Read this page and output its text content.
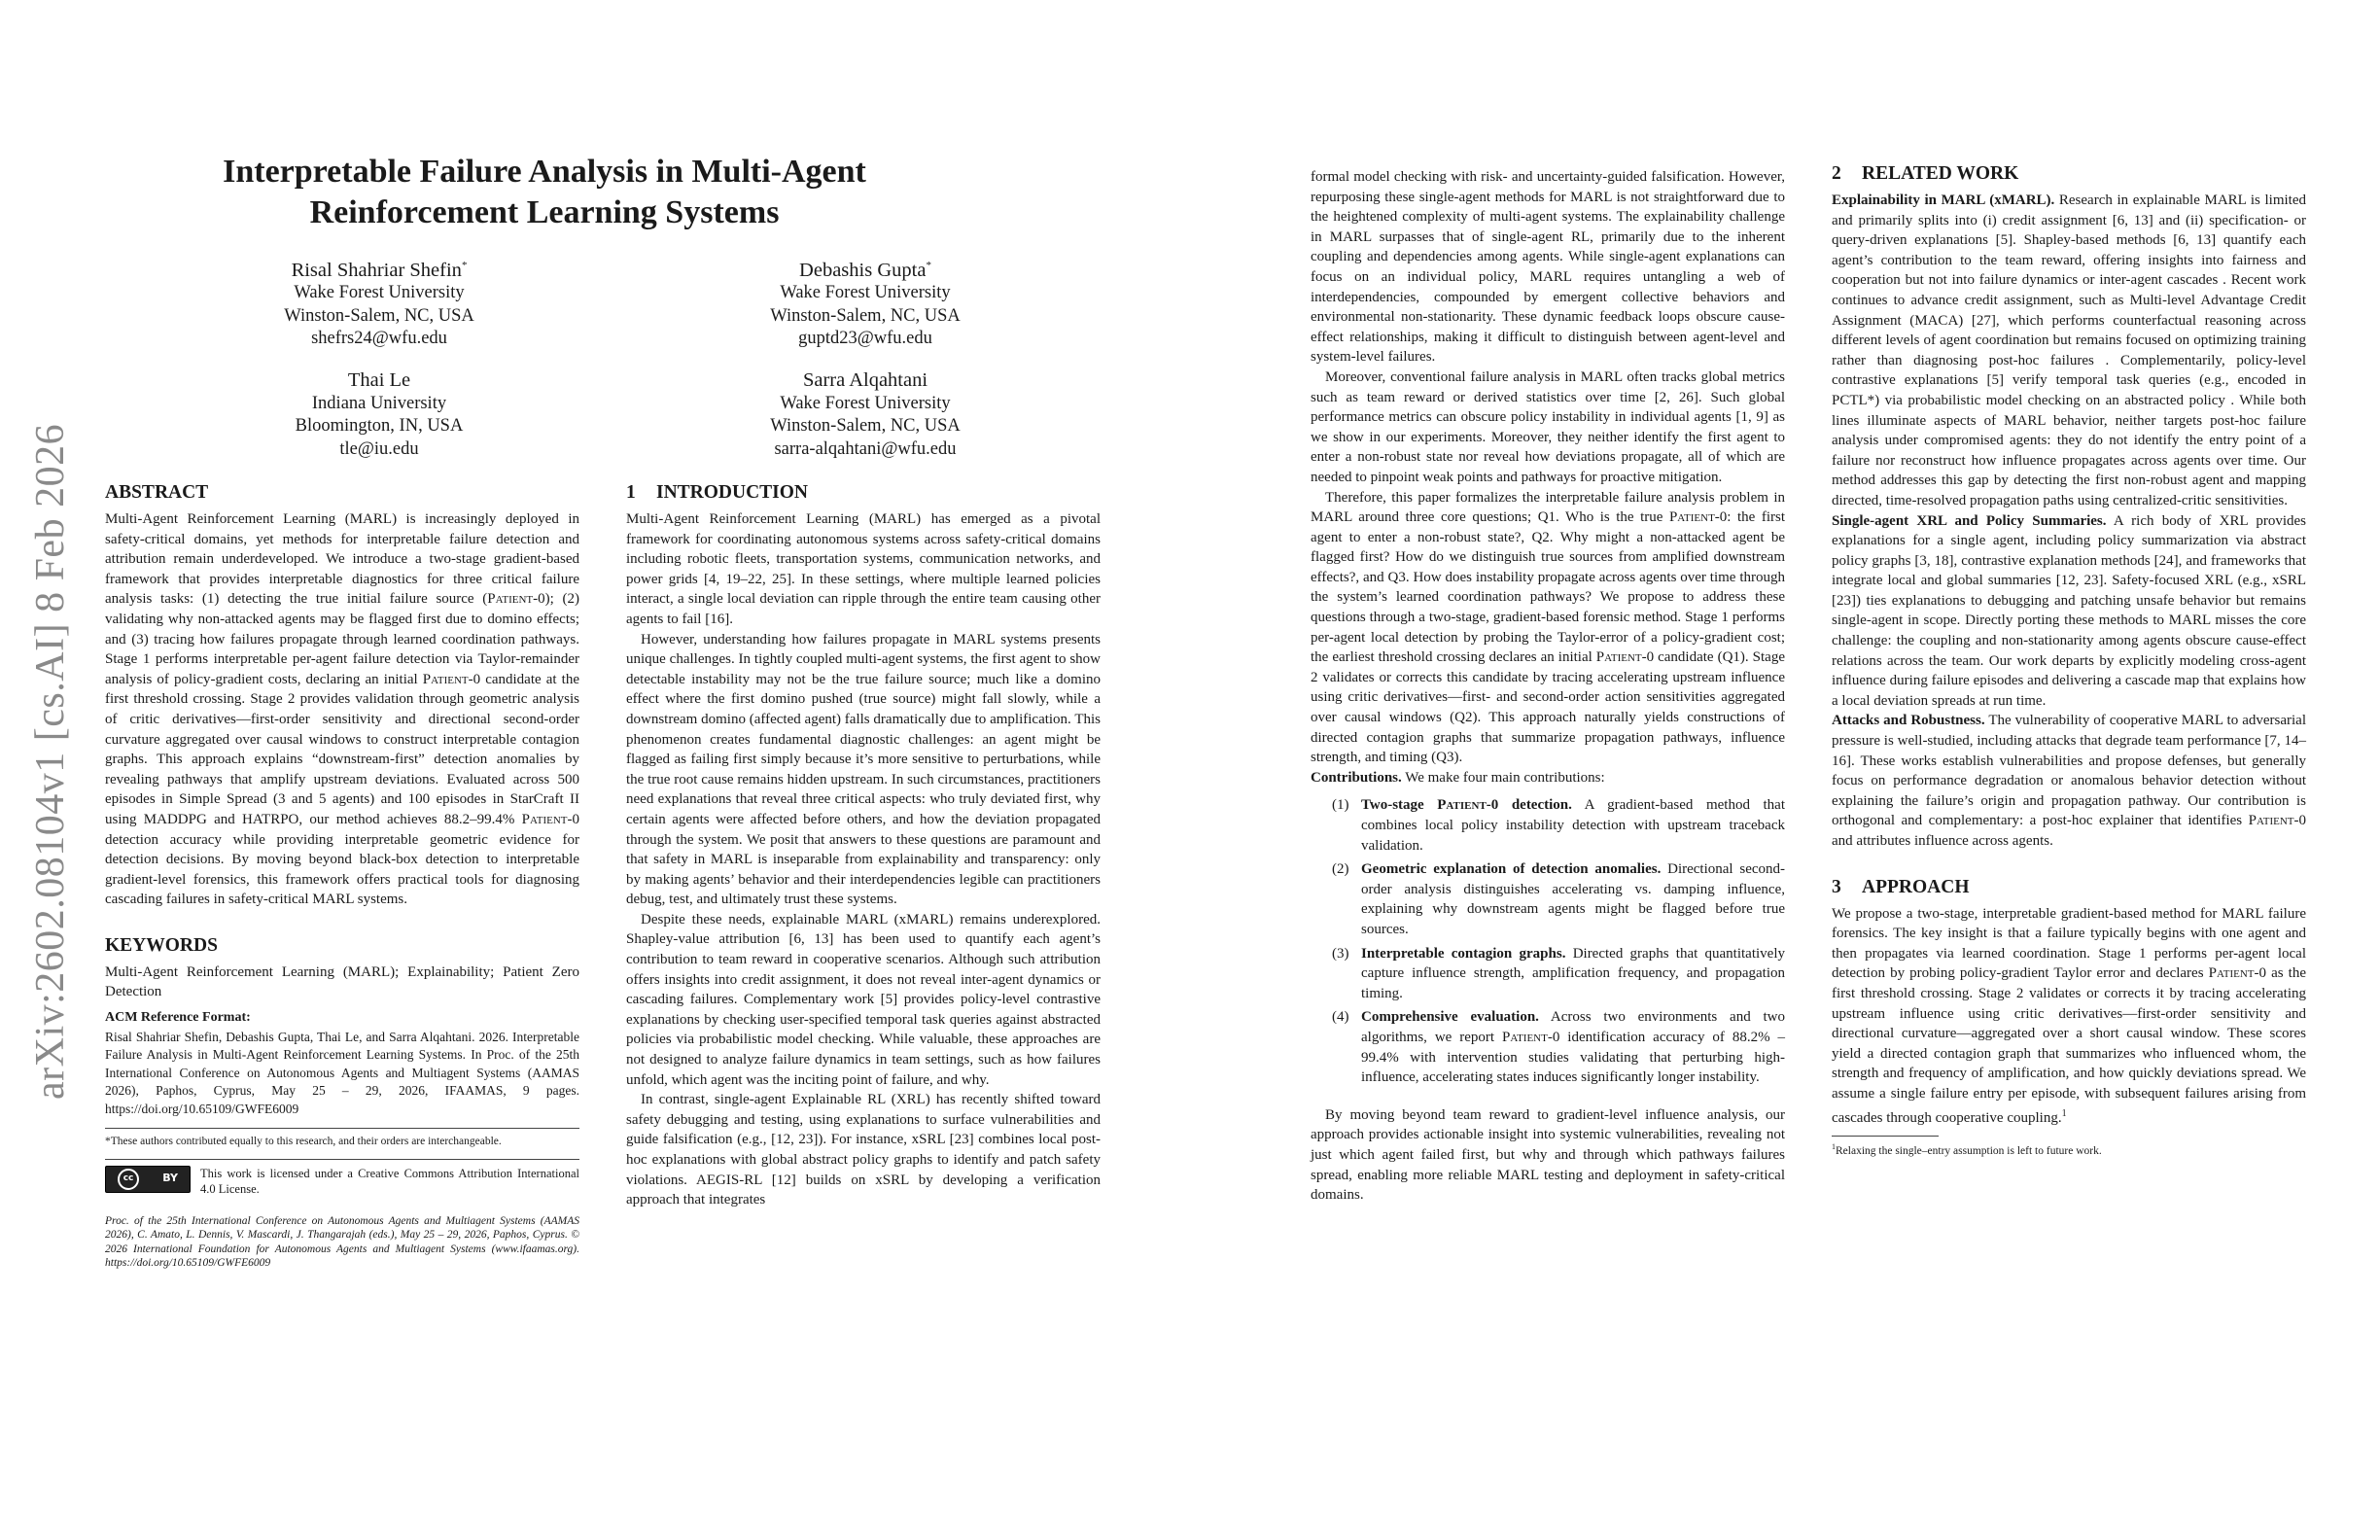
arXiv:2602.08104v1 [cs.AI] 8 Feb 2026
Interpretable Failure Analysis in Multi-Agent Reinforcement Learning Systems
Risal Shahriar Shefin*
Wake Forest University
Winston-Salem, NC, USA
shefrs24@wfu.edu
Debashis Gupta*
Wake Forest University
Winston-Salem, NC, USA
guptd23@wfu.edu
Thai Le
Indiana University
Bloomington, IN, USA
tle@iu.edu
Sarra Alqahtani
Wake Forest University
Winston-Salem, NC, USA
sarra-alqahtani@wfu.edu
ABSTRACT

Multi-Agent Reinforcement Learning (MARL) is increasingly deployed in safety-critical domains, yet methods for interpretable failure detection and attribution remain underdeveloped. We introduce a two-stage gradient-based framework that provides interpretable diagnostics for three critical failure analysis tasks: (1) detecting the true initial failure source (Patient-0); (2) validating why non-attacked agents may be flagged first due to domino effects; and (3) tracing how failures propagate through learned coordination pathways. Stage 1 performs interpretable per-agent failure detection via Taylor-remainder analysis of policy-gradient costs, declaring an initial Patient-0 candidate at the first threshold crossing. Stage 2 provides validation through geometric analysis of critic derivatives—first-order sensitivity and directional second-order curvature aggregated over causal windows to construct interpretable contagion graphs. This approach explains “downstream-first” detection anomalies by revealing pathways that amplify upstream deviations. Evaluated across 500 episodes in Simple Spread (3 and 5 agents) and 100 episodes in StarCraft II using MADDPG and HATRPO, our method achieves 88.2–99.4% Patient-0 detection accuracy while providing interpretable geometric evidence for detection decisions. By moving beyond black-box detection to interpretable gradient-level forensics, this framework offers practical tools for diagnosing cascading failures in safety-critical MARL systems.

KEYWORDS

Multi-Agent Reinforcement Learning (MARL); Explainability; Patient Zero Detection

ACM Reference Format:

Risal Shahriar Shefin, Debashis Gupta, Thai Le, and Sarra Alqahtani. 2026. Interpretable Failure Analysis in Multi-Agent Reinforcement Learning Systems. In Proc. of the 25th International Conference on Autonomous Agents and Multiagent Systems (AAMAS 2026), Paphos, Cyprus, May 25 – 29, 2026, IFAAMAS, 9 pages. https://doi.org/10.65109/GWFE6009

*These authors contributed equally to this research, and their orders are interchangeable.

cc	BY This work is licensed under a Creative Commons Attribution International 4.0 License.

Proc. of the 25th International Conference on Autonomous Agents and Multiagent Systems (AAMAS 2026), C. Amato, L. Dennis, V. Mascardi, J. Thangarajah (eds.), May 25 – 29, 2026, Paphos, Cyprus. © 2026 International Foundation for Autonomous Agents and Multiagent Systems (www.ifaamas.org). https://doi.org/10.65109/GWFE6009

1 INTRODUCTION

Multi-Agent Reinforcement Learning (MARL) has emerged as a pivotal framework for coordinating autonomous systems across safety-critical domains including robotic fleets, transportation systems, communication networks, and power grids [4, 19–22, 25]. In these settings, where multiple learned policies interact, a single local deviation can ripple through the entire team causing other agents to fail [16].

However, understanding how failures propagate in MARL systems presents unique challenges. In tightly coupled multi-agent systems, the first agent to show detectable instability may not be the true failure source; much like a domino effect where the first domino pushed (true source) might fall slowly, while a downstream domino (affected agent) falls dramatically due to amplification. This phenomenon creates fundamental diagnostic challenges: an agent might be flagged as failing first simply because it’s more sensitive to perturbations, while the true root cause remains hidden upstream. In such circumstances, practitioners need explanations that reveal three critical aspects: who truly deviated first, why certain agents were affected before others, and how the deviation propagated through the system. We posit that answers to these questions are paramount and that safety in MARL is inseparable from explainability and transparency: only by making agents’ behavior and their interdependencies legible can practitioners debug, test, and ultimately trust these systems.

Despite these needs, explainable MARL (xMARL) remains underexplored. Shapley-value attribution [6, 13] has been used to quantify each agent’s contribution to team reward in cooperative scenarios. Although such attribution offers insights into credit assignment, it does not reveal inter-agent dynamics or cascading failures. Complementary work [5] provides policy-level contrastive explanations by checking user-specified temporal task queries against abstracted policies via probabilistic model checking. While valuable, these approaches are not designed to analyze failure dynamics in team settings, such as how failures unfold, which agent was the inciting point of failure, and why.

In contrast, single-agent Explainable RL (XRL) has recently shifted toward safety debugging and testing, using explanations to surface vulnerabilities and guide falsification (e.g., [12, 23]). For instance, xSRL [23] combines local post-hoc explanations with global abstract policy graphs to identify and patch safety violations. AEGIS-RL [12] builds on xSRL by developing a verification approach that integrates

formal model checking with risk- and uncertainty-guided falsification. However, repurposing these single-agent methods for MARL is not straightforward due to the heightened complexity of multi-agent systems. The explainability challenge in MARL surpasses that of single-agent RL, primarily due to the inherent coupling and dependencies among agents. While single-agent explanations can focus on an individual policy, MARL requires untangling a web of interdependencies, compounded by emergent collective behaviors and environmental non-stationarity. These dynamic feedback loops obscure cause-effect relationships, making it difficult to distinguish between agent-level and system-level failures.

Moreover, conventional failure analysis in MARL often tracks global metrics such as team reward or derived statistics over time [2, 26]. Such global performance metrics can obscure policy instability in individual agents [1, 9] as we show in our experiments. Moreover, they neither identify the first agent to enter a non-robust state nor reveal how deviations propagate, all of which are needed to pinpoint weak points and pathways for proactive mitigation.

Therefore, this paper formalizes the interpretable failure analysis problem in MARL around three core questions; Q1. Who is the true Patient-0: the first agent to enter a non-robust state?, Q2. Why might a non-attacked agent be flagged first? How do we distinguish true sources from amplified downstream effects?, and Q3. How does instability propagate across agents over time through the system’s learned coordination pathways? We propose to address these questions through a two-stage, gradient-based forensic method. Stage 1 performs per-agent local detection by probing the Taylor-error of a policy-gradient cost; the earliest threshold crossing declares an initial Patient-0 candidate (Q1). Stage 2 validates or corrects this candidate by tracing accelerating upstream influence using critic derivatives—first- and second-order action sensitivities aggregated over causal windows (Q2). This approach naturally yields constructions of directed contagion graphs that summarize propagation pathways, influence strength, and timing (Q3).

Contributions. We make four main contributions:

(1) Two-stage Patient-0 detection. A gradient-based method that combines local policy instability detection with upstream traceback validation.
(2) Geometric explanation of detection anomalies. Directional second-order analysis distinguishes accelerating vs. damping influence, explaining why downstream agents might be flagged before true sources.
(3) Interpretable contagion graphs. Directed graphs that quantitatively capture influence strength, amplification frequency, and propagation timing.
(4) Comprehensive evaluation. Across two environments and two algorithms, we report Patient-0 identification accuracy of 88.2% – 99.4% with intervention studies validating that perturbing high-influence, accelerating states induces significantly longer instability.

By moving beyond team reward to gradient-level influence analysis, our approach provides actionable insight into systemic vulnerabilities, revealing not just which agent failed first, but why and through which pathways failures spread, enabling more reliable MARL testing and deployment in safety-critical domains.

2 RELATED WORK

Explainability in MARL (xMARL). Research in explainable MARL is limited and primarily splits into (i) credit assignment [6, 13] and (ii) specification- or query-driven explanations [5]. Shapley-based methods [6, 13] quantify each agent’s contribution to the team reward, offering insights into fairness and cooperation but not into failure dynamics or inter-agent cascades . Recent work continues to advance credit assignment, such as Multi-level Advantage Credit Assignment (MACA) [27], which performs counterfactual reasoning across different levels of agent coordination but remains focused on optimizing training rather than diagnosing post-hoc failures . Complementarily, policy-level contrastive explanations [5] verify temporal task queries (e.g., encoded in PCTL*) via probabilistic model checking on an abstracted policy . While both lines illuminate aspects of MARL behavior, neither targets post-hoc failure analysis under compromised agents: they do not identify the entry point of a failure nor reconstruct how influence propagates across agents over time. Our method addresses this gap by detecting the first non-robust agent and mapping directed, time-resolved propagation paths using centralized-critic sensitivities.

Single-agent XRL and Policy Summaries. A rich body of XRL provides explanations for a single agent, including policy summarization via abstract policy graphs [3, 18], contrastive explanation methods [24], and frameworks that integrate local and global summaries [12, 23]. Safety-focused XRL (e.g., xSRL [23]) ties explanations to debugging and patching unsafe behavior but remains single-agent in scope. Directly porting these methods to MARL misses the core challenge: the coupling and non-stationarity among agents obscure cause-effect relations across the team. Our work departs by explicitly modeling cross-agent influence during failure episodes and delivering a cascade map that explains how a local deviation spreads at run time.

Attacks and Robustness. The vulnerability of cooperative MARL to adversarial pressure is well-studied, including attacks that degrade team performance [7, 14–16]. These works establish vulnerabilities and propose defenses, but generally focus on performance degradation or anomalous behavior detection without explaining the failure’s origin and propagation pathway. Our contribution is orthogonal and complementary: a post-hoc explainer that identifies Patient-0 and attributes influence across agents.

3 APPROACH

We propose a two-stage, interpretable gradient-based method for MARL failure forensics. The key insight is that a failure typically begins with one agent and then propagates via learned coordination. Stage 1 performs per-agent local detection by probing policy-gradient Taylor error and declares Patient-0 as the first threshold crossing. Stage 2 validates or corrects it by tracing accelerating upstream influence using critic derivatives—first-order sensitivity and directional curvature—aggregated over a short causal window. These scores yield a directed contagion graph that summarizes who influenced whom, the strength and frequency of amplification, and how quickly deviations spread. We assume a single failure entry per episode, with subsequent failures arising from cascades through cooperative coupling.$^1$

$^1$Relaxing the single–entry assumption is left to future work.
